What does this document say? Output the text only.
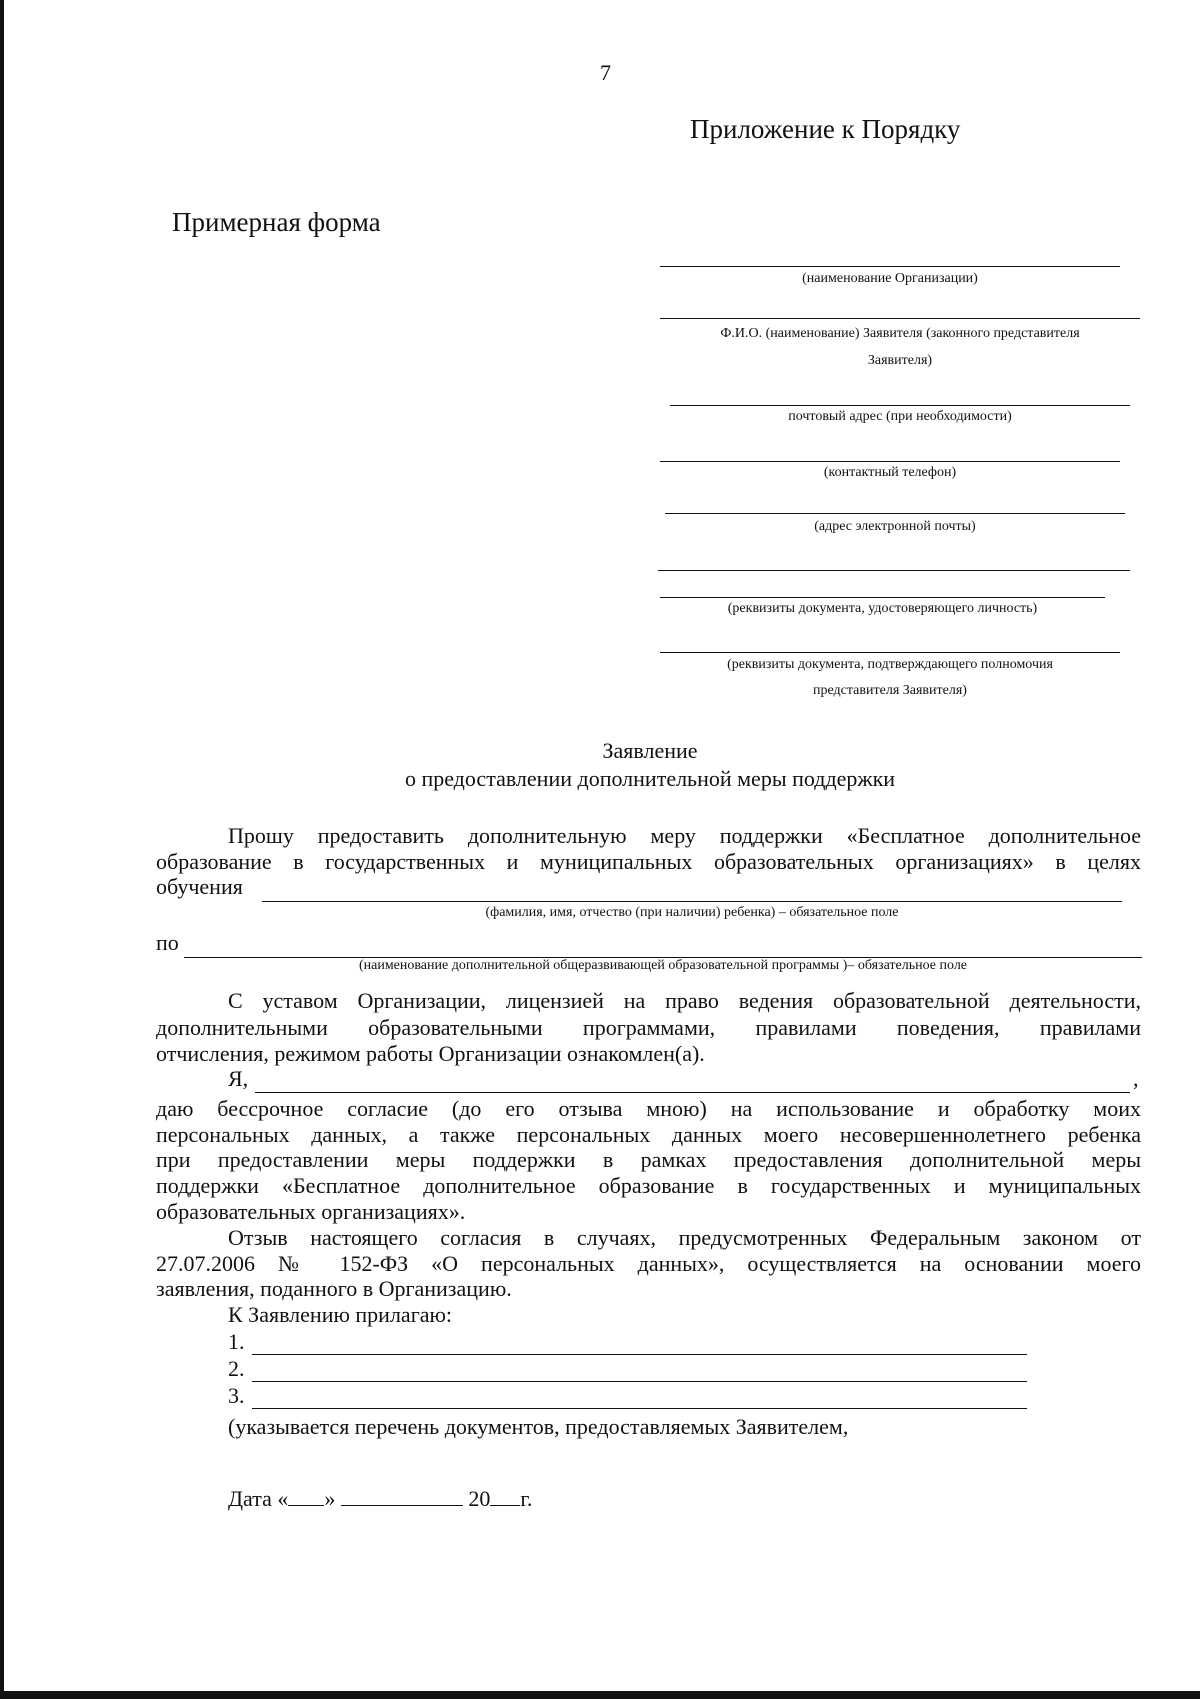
7
Приложение к Порядку
Примерная форма
(наименование Организации)
Ф.И.О. (наименование) Заявителя (законного представителя
Заявителя)
почтовый адрес (при необходимости)
(контактный телефон)
(адрес электронной почты)
(реквизиты документа, удостоверяющего личность)
(реквизиты документа, подтверждающего полномочия
представителя Заявителя)
Заявление
о предоставлении дополнительной меры поддержки
Прошу предоставить дополнительную меру поддержки «Бесплатное дополнительное
образование в государственных и муниципальных образовательных организациях» в целях
обучения
(фамилия, имя, отчество (при наличии) ребенка) – обязательное поле
по
(наименование дополнительной общеразвивающей образовательной программы )– обязательное поле
С уставом Организации, лицензией на право ведения образовательной деятельности,
дополнительными образовательными программами, правилами поведения, правилами
отчисления, режимом работы Организации ознакомлен(а).
Я,	,
даю бессрочное согласие (до его отзыва мною) на использование и обработку моих
персональных данных, а также персональных данных моего несовершеннолетнего ребенка
при предоставлении меры поддержки в рамках предоставления дополнительной меры
поддержки «Бесплатное дополнительное образование в государственных и муниципальных
образовательных организациях».
Отзыв настоящего согласия в случаях, предусмотренных Федеральным законом от
27.07.2006 № 152-ФЗ «О персональных данных», осуществляется на основании моего
заявления, поданного в Организацию.
К Заявлению прилагаю:
1.
2.
3.
(указывается перечень документов, предоставляемых Заявителем,
Дата « »	20 г.
